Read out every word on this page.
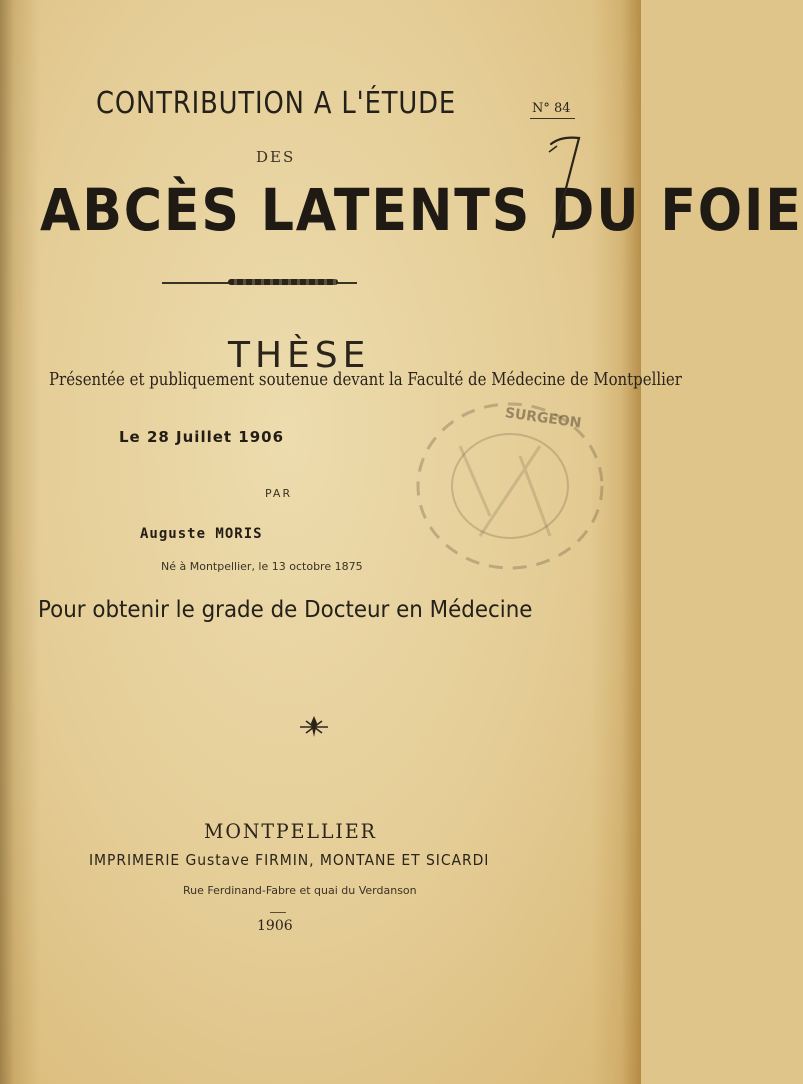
CONTRIBUTION A L'ÉTUDE
DES
ABCÈS LATENTS DU FOIE
THÈSE
Présentée et publiquement soutenue devant la Faculté de Médecine de Montpellier
Le 28 Juillet 1906
PAR
Auguste MORIS
Né à Montpellier, le 13 octobre 1875
Pour obtenir le grade de Docteur en Médecine
MONTPELLIER
IMPRIMERIE Gustave FIRMIN, MONTANE ET SICARDI
Rue Ferdinand-Fabre et quai du Verdanson
1906
N° 84
SURGEON
